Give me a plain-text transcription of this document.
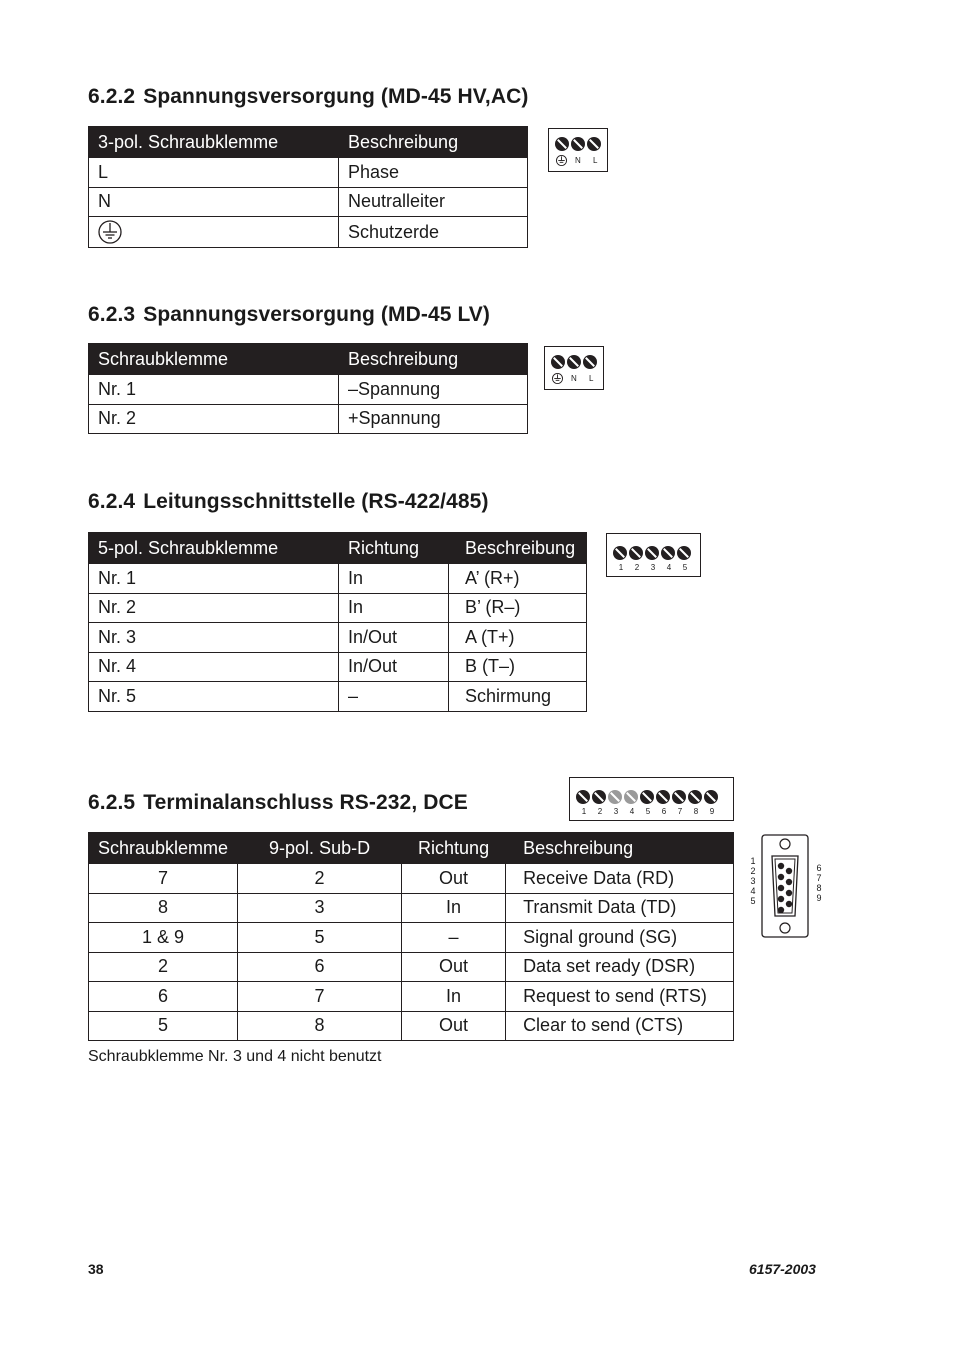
6.2.2 Spannungsversorgung (MD-45 HV,AC)
3-pol. Schraubklemme	Beschreibung
L	Phase
N	Neutralleiter

	Schutzerde
N L
6.2.3 Spannungsversorgung (MD-45 LV)
Schraubklemme	Beschreibung
Nr. 1	–Spannung
Nr. 2	+Spannung
N L
6.2.4 Leitungsschnittstelle (RS-422/485)
5-pol. Schraubklemme	Richtung	Beschreibung
Nr. 1	In	A’ (R+)
Nr. 2	In	B’ (R–)
Nr. 3	In/Out	A (T+)
Nr. 4	In/Out	B (T–)
Nr. 5	–	Schirmung
1	2	3	4	5
6.2.5 Terminalanschluss RS-232, DCE	1	2	3	4	5	6	7	8	9
Schraubklemme	9-pol. Sub-D	Richtung	Beschreibung
7	2	Out	Receive Data (RD)
8	3	In	Transmit Data (TD)
1 & 9	5	–	Signal ground (SG)
2	6	Out	Data set ready (DSR)
6	7	In	Request to send (RTS)
5	8	Out	Clear to send (CTS)
1
2
3
4
5
6
7
8
9
Schraubklemme Nr. 3 und 4 nicht benutzt
38	6157-2003
